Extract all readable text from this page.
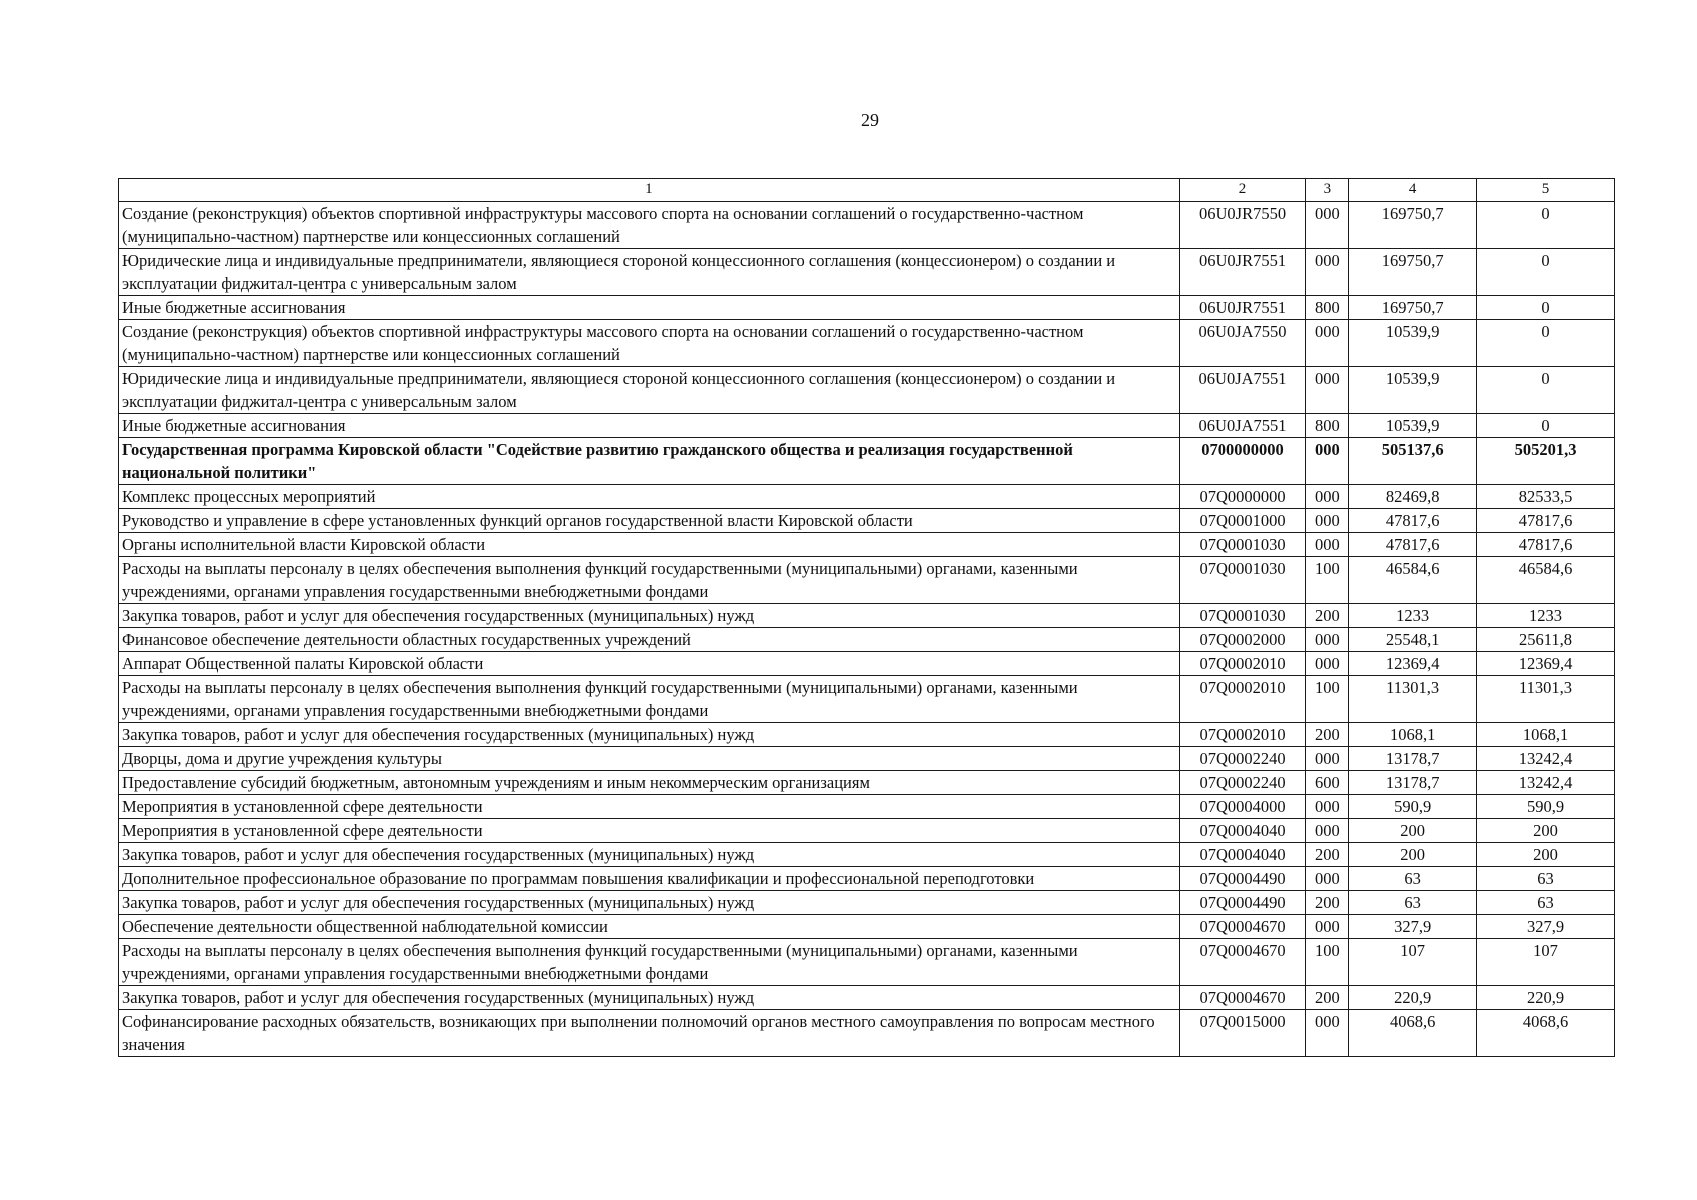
29
1	2	3	4	5
Создание (реконструкция) объектов спортивной инфраструктуры массового спорта на основании соглашений о государственно-частном (муниципально-частном) партнерстве или концессионных соглашений	06U0JR7550	000	169750,7	0
Юридические лица и индивидуальные предприниматели, являющиеся стороной концессионного соглашения (концессионером) о создании и эксплуатации фиджитал-центра с универсальным залом	06U0JR7551	000	169750,7	0
Иные бюджетные ассигнования	06U0JR7551	800	169750,7	0
Создание (реконструкция) объектов спортивной инфраструктуры массового спорта на основании соглашений о государственно-частном (муниципально-частном) партнерстве или концессионных соглашений	06U0JA7550	000	10539,9	0
Юридические лица и индивидуальные предприниматели, являющиеся стороной концессионного соглашения (концессионером) о создании и эксплуатации фиджитал-центра с универсальным залом	06U0JA7551	000	10539,9	0
Иные бюджетные ассигнования	06U0JA7551	800	10539,9	0
Государственная программа Кировской области "Содействие развитию гражданского общества и реализация государственной национальной политики"	0700000000	000	505137,6	505201,3
Комплекс процессных мероприятий	07Q0000000	000	82469,8	82533,5
Руководство и управление в сфере установленных функций органов государственной власти Кировской области	07Q0001000	000	47817,6	47817,6
Органы исполнительной власти Кировской области	07Q0001030	000	47817,6	47817,6
Расходы на выплаты персоналу в целях обеспечения выполнения функций государственными (муниципальными) органами, казенными учреждениями, органами управления государственными внебюджетными фондами	07Q0001030	100	46584,6	46584,6
Закупка товаров, работ и услуг для обеспечения государственных (муниципальных) нужд	07Q0001030	200	1233	1233
Финансовое обеспечение деятельности областных государственных учреждений	07Q0002000	000	25548,1	25611,8
Аппарат Общественной палаты Кировской области	07Q0002010	000	12369,4	12369,4
Расходы на выплаты персоналу в целях обеспечения выполнения функций государственными (муниципальными) органами, казенными учреждениями, органами управления государственными внебюджетными фондами	07Q0002010	100	11301,3	11301,3
Закупка товаров, работ и услуг для обеспечения государственных (муниципальных) нужд	07Q0002010	200	1068,1	1068,1
Дворцы, дома и другие учреждения культуры	07Q0002240	000	13178,7	13242,4
Предоставление субсидий бюджетным, автономным учреждениям и иным некоммерческим организациям	07Q0002240	600	13178,7	13242,4
Мероприятия в установленной сфере деятельности	07Q0004000	000	590,9	590,9
Мероприятия в установленной сфере деятельности	07Q0004040	000	200	200
Закупка товаров, работ и услуг для обеспечения государственных (муниципальных) нужд	07Q0004040	200	200	200
Дополнительное профессиональное образование по программам повышения квалификации и профессиональной переподготовки	07Q0004490	000	63	63
Закупка товаров, работ и услуг для обеспечения государственных (муниципальных) нужд	07Q0004490	200	63	63
Обеспечение деятельности общественной наблюдательной комиссии	07Q0004670	000	327,9	327,9
Расходы на выплаты персоналу в целях обеспечения выполнения функций государственными (муниципальными) органами, казенными учреждениями, органами управления государственными внебюджетными фондами	07Q0004670	100	107	107
Закупка товаров, работ и услуг для обеспечения государственных (муниципальных) нужд	07Q0004670	200	220,9	220,9
Софинансирование расходных обязательств, возникающих при выполнении полномочий органов местного самоуправления по вопросам местного значения	07Q0015000	000	4068,6	4068,6
